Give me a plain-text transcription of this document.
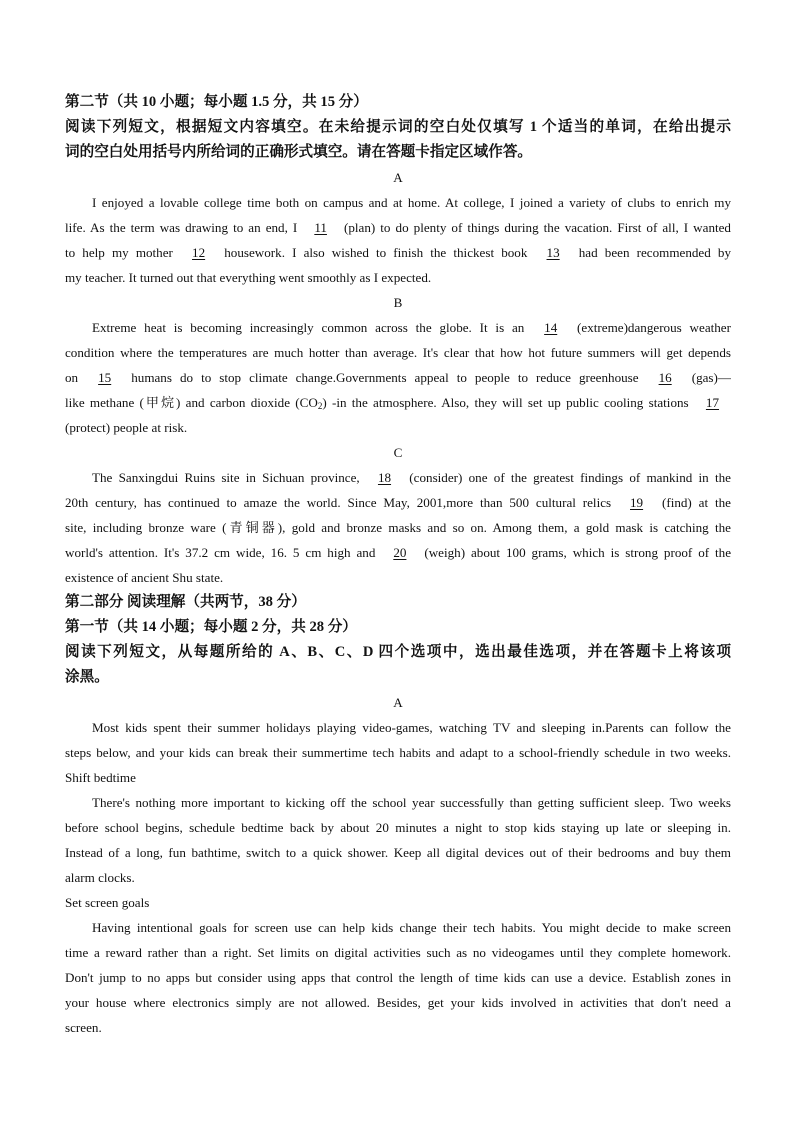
第二节（共 10 小题；每小题 1.5 分，共 15 分）
阅读下列短文，根据短文内容填空。在未给提示词的空白处仅填写 1 个适当的单词，在给出提示
词的空白处用括号内所给词的正确形式填空。请在答题卡指定区域作答。
A
I enjoyed a lovable college time both on campus and at home. At college, I joined a variety of clubs to enrich my
life. As the term was drawing to an end, I 11 (plan) to do plenty of things during the vacation. First of all, I wanted
to help my mother 12 housework. I also wished to finish the thickest book 13 had been recommended by
my teacher. It turned out that everything went smoothly as I expected.
B
Extreme heat is becoming increasingly common across the globe. It is an 14 (extreme)dangerous weather
condition where the temperatures are much hotter than average. It's clear that how hot future summers will get depends
on 15 humans do to stop climate change.Governments appeal to people to reduce greenhouse 16 (gas)—
like methane (甲烷) and carbon dioxide $(CO_2)$ -in the atmosphere. Also, they will set up public cooling stations 17
(protect) people at risk.
C
The Sanxingdui Ruins site in Sichuan province, 18 (consider) one of the greatest findings of mankind in the
20th century, has continued to amaze the world. Since May, 2001,more than 500 cultural relics 19 (find) at the
site, including bronze ware (青铜器), gold and bronze masks and so on. Among them, a gold mask is catching the
world's attention. It's 37.2 cm wide, 16. 5 cm high and 20 (weigh) about 100 grams, which is strong proof of the
existence of ancient Shu state.
第二部分 阅读理解（共两节，38 分）
第一节（共 14 小题；每小题 2 分，共 28 分）
阅读下列短文，从每题所给的 A、B、C、D 四个选项中，选出最佳选项，并在答题卡上将该项
涂黑。
A
Most kids spent their summer holidays playing video-games, watching TV and sleeping in.Parents can follow the
steps below, and your kids can break their summertime tech habits and adapt to a school-friendly schedule in two weeks.
Shift bedtime
There's nothing more important to kicking off the school year successfully than getting sufficient sleep. Two weeks
before school begins, schedule bedtime back by about 20 minutes a night to stop kids staying up late or sleeping in.
Instead of a long, fun bathtime, switch to a quick shower. Keep all digital devices out of their bedrooms and buy them
alarm clocks.
Set screen goals
Having intentional goals for screen use can help kids change their tech habits. You might decide to make screen
time a reward rather than a right. Set limits on digital activities such as no videogames until they complete homework.
Don't jump to no apps but consider using apps that control the length of time kids can use a device. Establish zones in
your house where electronics simply are not allowed. Besides, get your kids involved in activities that don't need a
screen.
